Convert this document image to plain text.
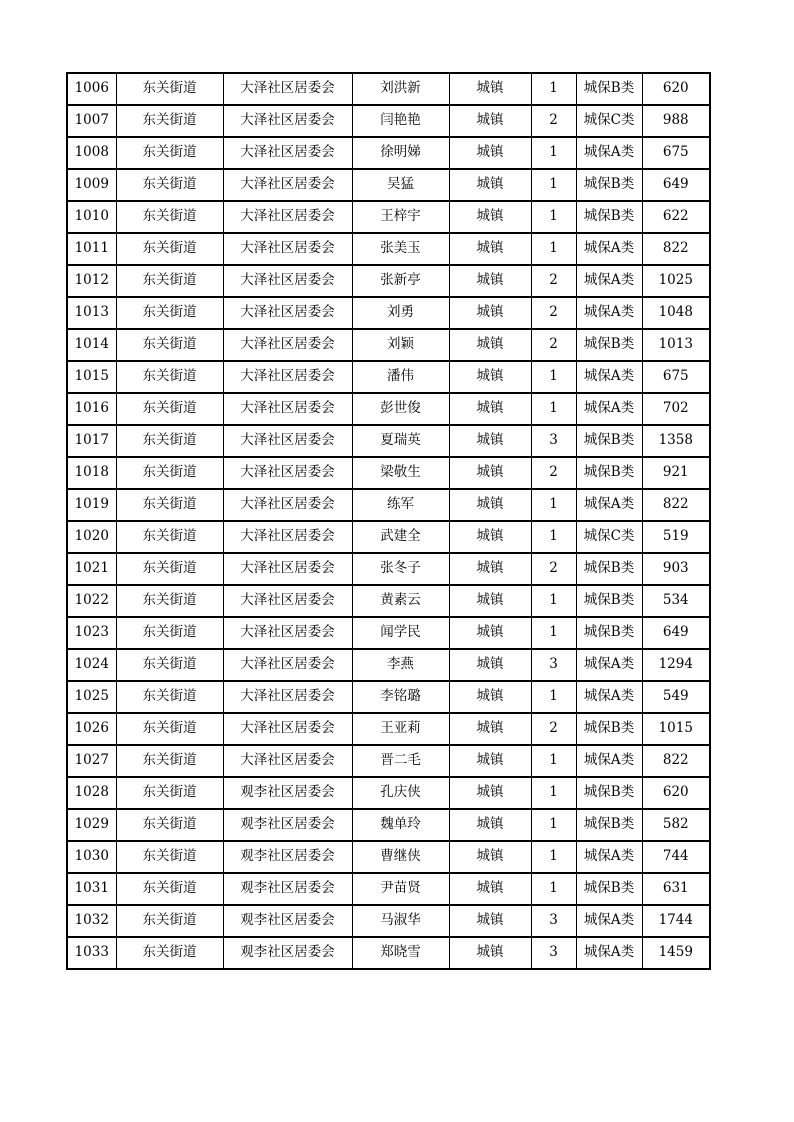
1006	东关街道	大泽社区居委会	刘洪新	城镇	1	城保B类	620
1007	东关街道	大泽社区居委会	闫艳艳	城镇	2	城保C类	988
1008	东关街道	大泽社区居委会	徐明娣	城镇	1	城保A类	675
1009	东关街道	大泽社区居委会	吴猛	城镇	1	城保B类	649
1010	东关街道	大泽社区居委会	王梓宇	城镇	1	城保B类	622
1011	东关街道	大泽社区居委会	张美玉	城镇	1	城保A类	822
1012	东关街道	大泽社区居委会	张新亭	城镇	2	城保A类	1025
1013	东关街道	大泽社区居委会	刘勇	城镇	2	城保A类	1048
1014	东关街道	大泽社区居委会	刘颖	城镇	2	城保B类	1013
1015	东关街道	大泽社区居委会	潘伟	城镇	1	城保A类	675
1016	东关街道	大泽社区居委会	彭世俊	城镇	1	城保A类	702
1017	东关街道	大泽社区居委会	夏瑞英	城镇	3	城保B类	1358
1018	东关街道	大泽社区居委会	梁敬生	城镇	2	城保B类	921
1019	东关街道	大泽社区居委会	练军	城镇	1	城保A类	822
1020	东关街道	大泽社区居委会	武建全	城镇	1	城保C类	519
1021	东关街道	大泽社区居委会	张冬子	城镇	2	城保B类	903
1022	东关街道	大泽社区居委会	黄素云	城镇	1	城保B类	534
1023	东关街道	大泽社区居委会	闻学民	城镇	1	城保B类	649
1024	东关街道	大泽社区居委会	李燕	城镇	3	城保A类	1294
1025	东关街道	大泽社区居委会	李铭璐	城镇	1	城保A类	549
1026	东关街道	大泽社区居委会	王亚莉	城镇	2	城保B类	1015
1027	东关街道	大泽社区居委会	晋二毛	城镇	1	城保A类	822
1028	东关街道	观李社区居委会	孔庆侠	城镇	1	城保B类	620
1029	东关街道	观李社区居委会	魏单玲	城镇	1	城保B类	582
1030	东关街道	观李社区居委会	曹继侠	城镇	1	城保A类	744
1031	东关街道	观李社区居委会	尹苗贤	城镇	1	城保B类	631
1032	东关街道	观李社区居委会	马淑华	城镇	3	城保A类	1744
1033	东关街道	观李社区居委会	郑晓雪	城镇	3	城保A类	1459
